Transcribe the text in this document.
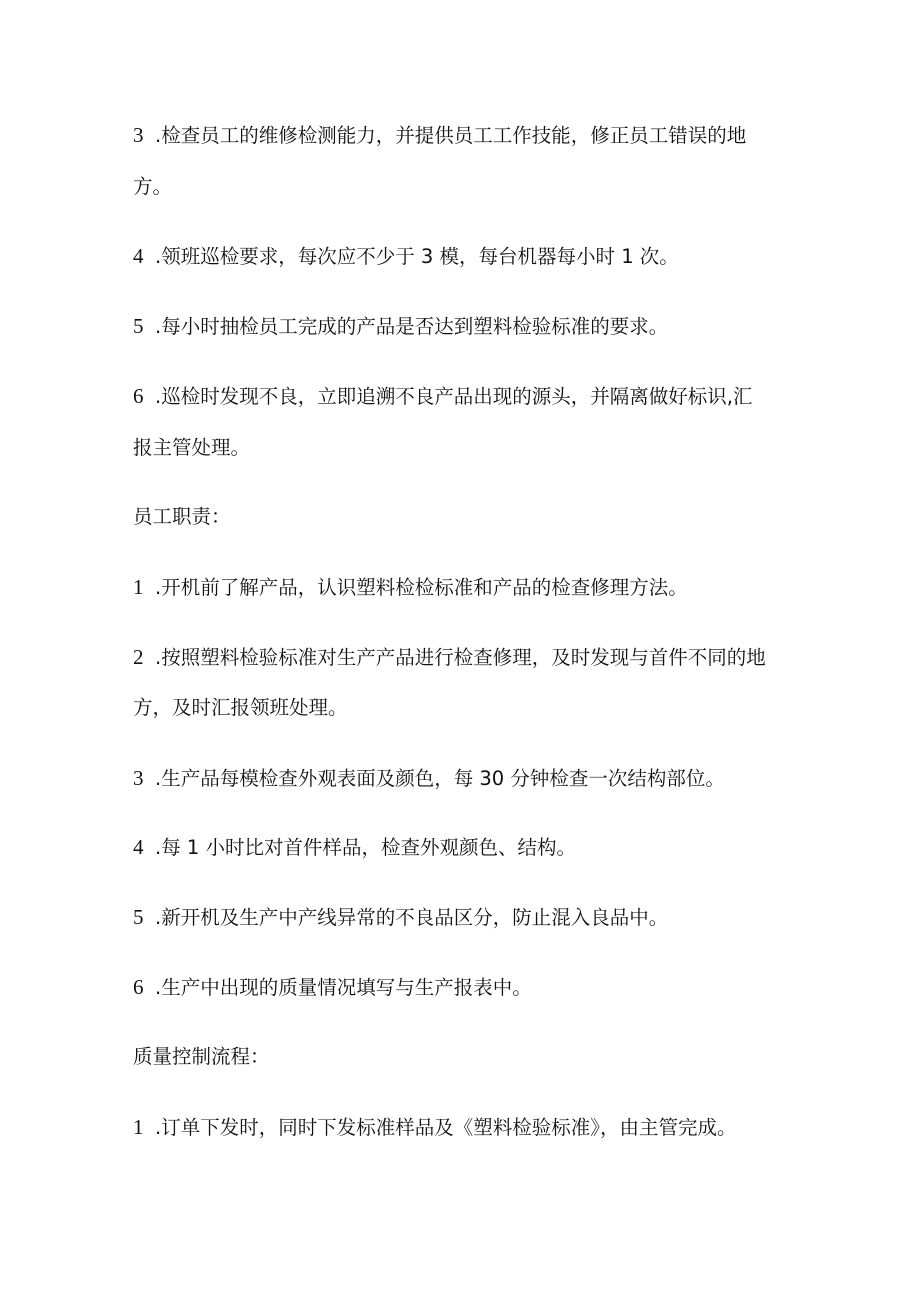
3 .检查员工的维修检测能力，并提供员工工作技能，修正员工错误的地
方。
4 .领班巡检要求，每次应不少于 3 模，每台机器每小时 1 次。
5 .每小时抽检员工完成的产品是否达到塑料检验标准的要求。
6 .巡检时发现不良，立即追溯不良产品出现的源头，并隔离做好标识,汇
报主管处理。
员工职责：
1 .开机前了解产品，认识塑料检检标准和产品的检查修理方法。
2 .按照塑料检验标准对生产产品进行检查修理，及时发现与首件不同的地
方，及时汇报领班处理。
3 .生产品每模检查外观表面及颜色，每 30 分钟检查一次结构部位。
4 .每 1 小时比对首件样品，检查外观颜色、结构。
5 .新开机及生产中产线异常的不良品区分，防止混入良品中。
6 .生产中出现的质量情况填写与生产报表中。
质量控制流程：
1 .订单下发时，同时下发标准样品及《塑料检验标准》，由主管完成。
